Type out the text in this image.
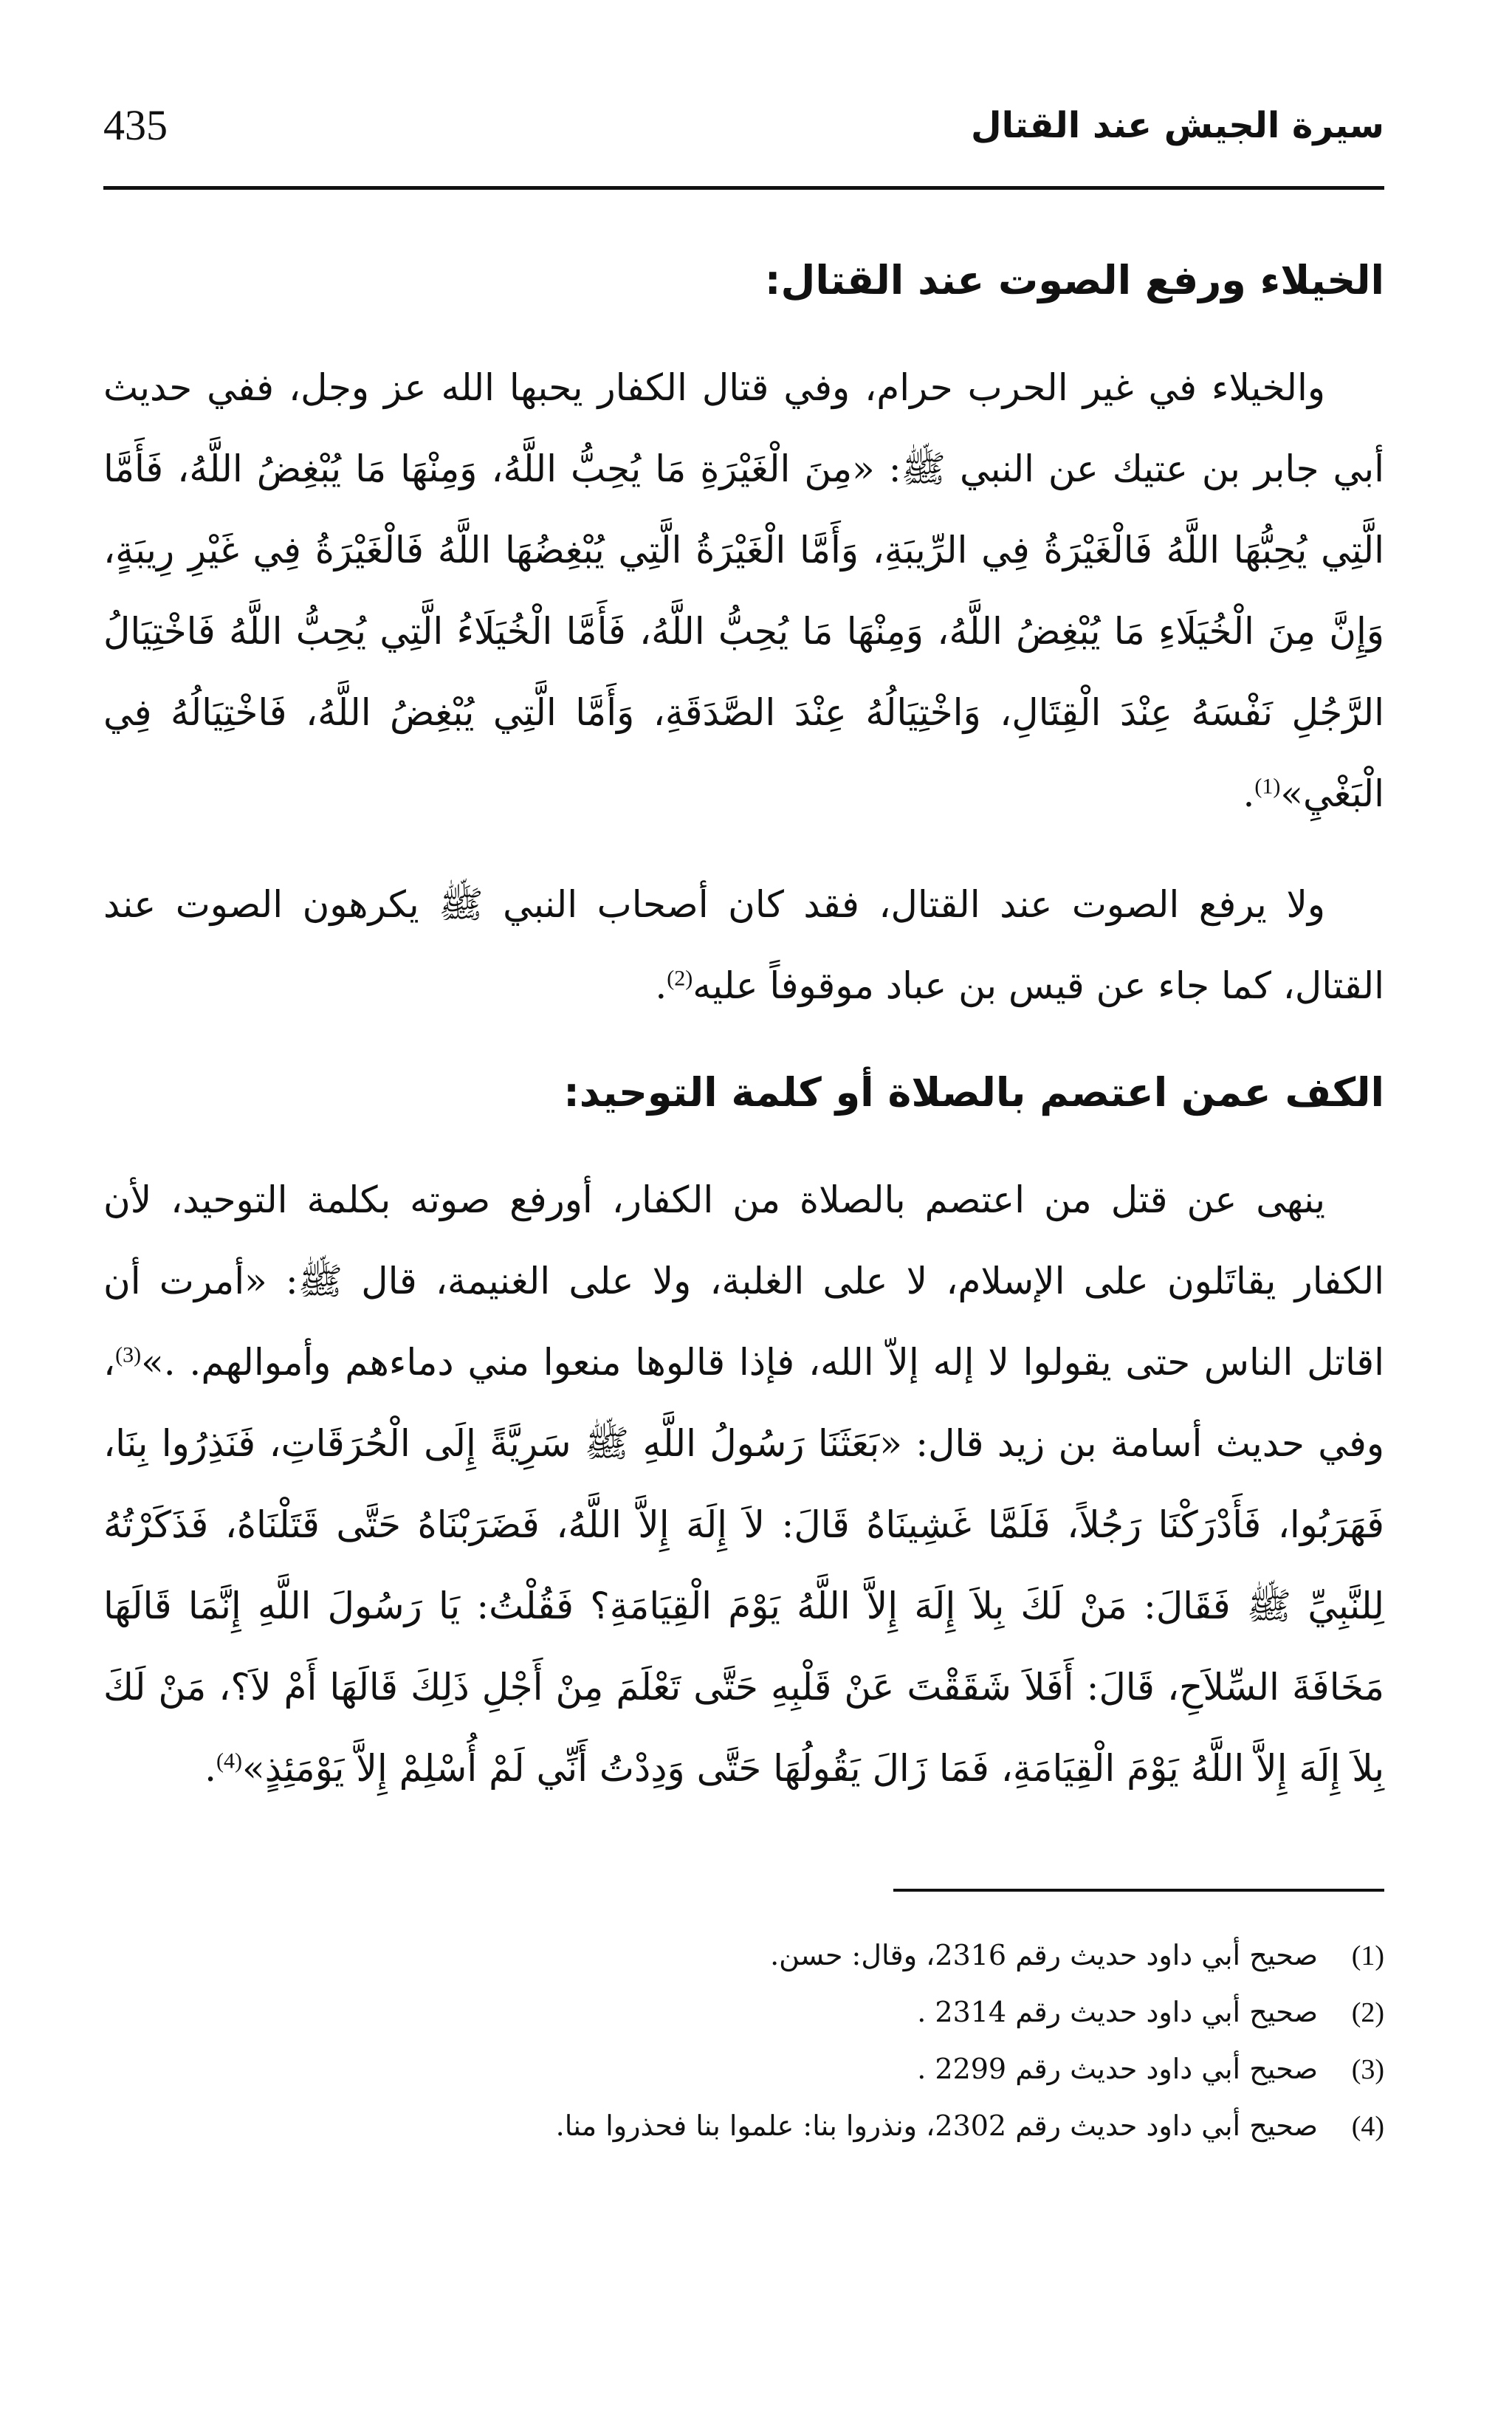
435	سيرة الجيش عند القتال
الخيلاء ورفع الصوت عند القتال:

والخيلاء في غير الحرب حرام، وفي قتال الكفار يحبها الله عز وجل، ففي حديث أبي جابر بن عتيك عن النبي ﷺ: «مِنَ الْغَيْرَةِ مَا يُحِبُّ اللَّهُ، وَمِنْهَا مَا يُبْغِضُ اللَّهُ، فَأَمَّا الَّتِي يُحِبُّهَا اللَّهُ فَالْغَيْرَةُ فِي الرِّيبَةِ، وَأَمَّا الْغَيْرَةُ الَّتِي يُبْغِضُهَا اللَّهُ فَالْغَيْرَةُ فِي غَيْرِ رِيبَةٍ، وَإِنَّ مِنَ الْخُيَلَاءِ مَا يُبْغِضُ اللَّهُ، وَمِنْهَا مَا يُحِبُّ اللَّهُ، فَأَمَّا الْخُيَلَاءُ الَّتِي يُحِبُّ اللَّهُ فَاخْتِيَالُ الرَّجُلِ نَفْسَهُ عِنْدَ الْقِتَالِ، وَاخْتِيَالُهُ عِنْدَ الصَّدَقَةِ، وَأَمَّا الَّتِي يُبْغِضُ اللَّهُ، فَاخْتِيَالُهُ فِي الْبَغْيِ»$^{(1)}$.

ولا يرفع الصوت عند القتال، فقد كان أصحاب النبي ﷺ يكرهون الصوت عند القتال، كما جاء عن قيس بن عباد موقوفاً عليه$^{(2)}$.

الكف عمن اعتصم بالصلاة أو كلمة التوحيد:

ينهى عن قتل من اعتصم بالصلاة من الكفار، أورفع صوته بكلمة التوحيد، لأن الكفار يقاتَلون على الإسلام، لا على الغلبة، ولا على الغنيمة، قال ﷺ: «أمرت أن اقاتل الناس حتى يقولوا لا إله إلاّ الله، فإذا قالوها منعوا مني دماءهم وأموالهم. .»$^{(3)}$، وفي حديث أسامة بن زيد قال: «بَعَثَنَا رَسُولُ اللَّهِ ﷺ سَرِيَّةً إِلَى الْحُرَقَاتِ، فَنَذِرُوا بِنَا، فَهَرَبُوا، فَأَدْرَكْنَا رَجُلاً، فَلَمَّا غَشِينَاهُ قَالَ: لاَ إِلَهَ إِلاَّ اللَّهُ، فَضَرَبْنَاهُ حَتَّى قَتَلْنَاهُ، فَذَكَرْتُهُ لِلنَّبِيِّ ﷺ فَقَالَ: مَنْ لَكَ بِلاَ إِلَهَ إِلاَّ اللَّهُ يَوْمَ الْقِيَامَةِ؟ فَقُلْتُ: يَا رَسُولَ اللَّهِ إِنَّمَا قَالَهَا مَخَافَةَ السِّلاَحِ، قَالَ: أَفَلاَ شَقَقْتَ عَنْ قَلْبِهِ حَتَّى تَعْلَمَ مِنْ أَجْلِ ذَلِكَ قَالَهَا أَمْ لاَ؟، مَنْ لَكَ بِلاَ إِلَهَ إِلاَّ اللَّهُ يَوْمَ الْقِيَامَةِ، فَمَا زَالَ يَقُولُهَا حَتَّى وَدِدْتُ أَنِّي لَمْ أُسْلِمْ إِلاَّ يَوْمَئِذٍ»$^{(4)}$.

(1)صحيح أبي داود حديث رقم 2316، وقال: حسن.
(2)صحيح أبي داود حديث رقم 2314 .
(3)صحيح أبي داود حديث رقم 2299 .
(4)صحيح أبي داود حديث رقم 2302، ونذروا بنا: علموا بنا فحذروا منا.
